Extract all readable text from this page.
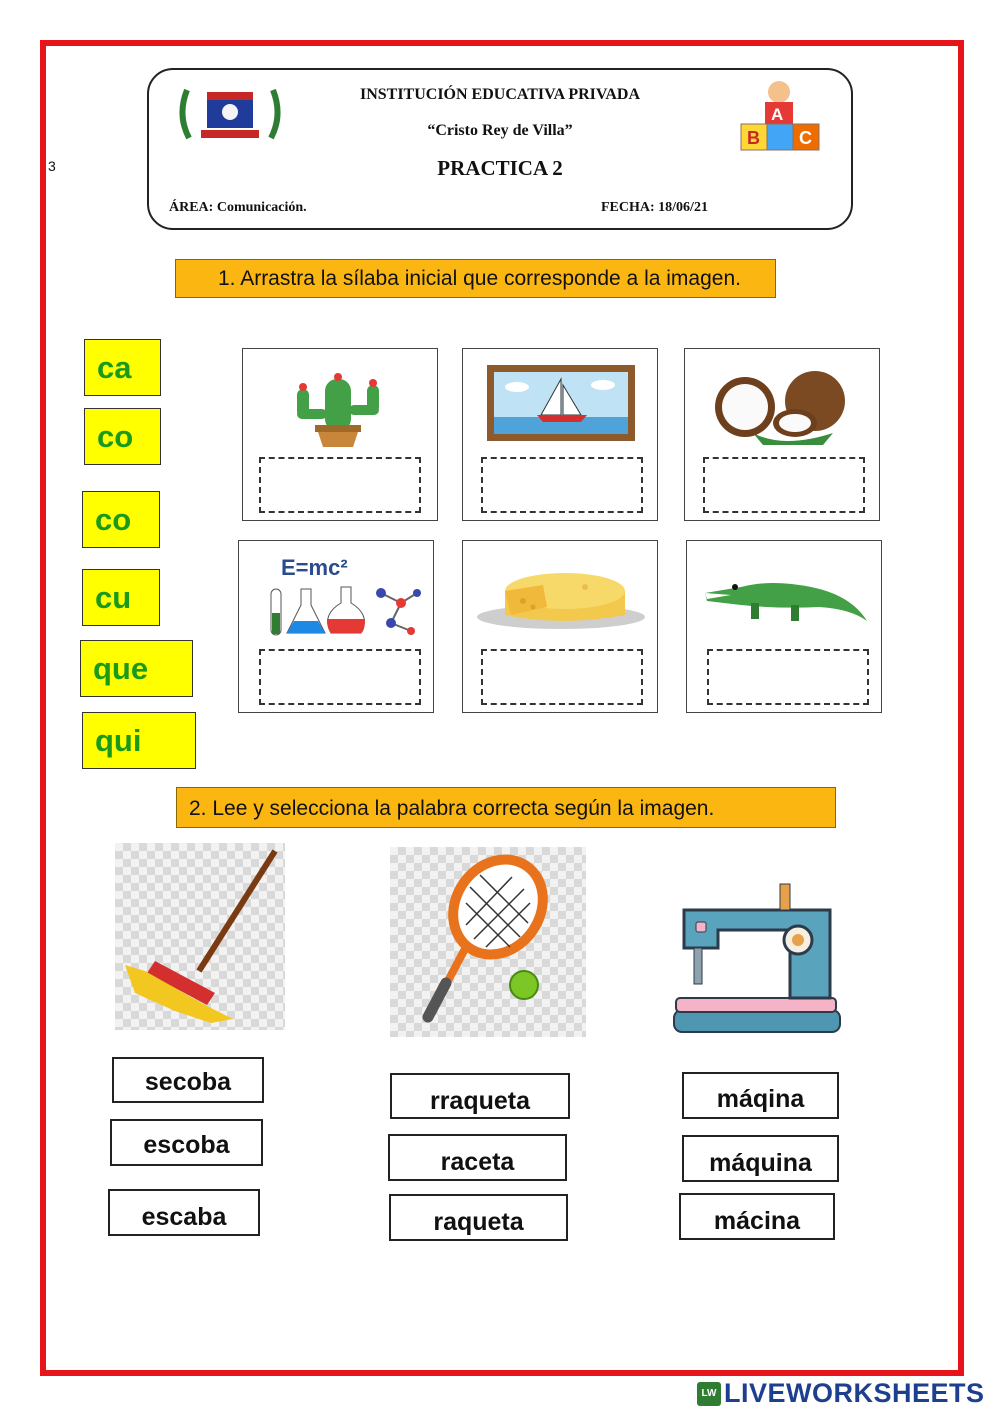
3
INSTITUCIÓN EDUCATIVA PRIVADA
“Cristo Rey de Villa”
PRACTICA 2
ÁREA: Comunicación.	FECHA: 18/06/21
A
B C
1. Arrastra la sílaba inicial que corresponde a la imagen.
ca
co
co
cu
que
qui
E=mc²
2. Lee y selecciona la palabra correcta según la imagen.
secoba
escoba
escaba
rraqueta
raceta
raqueta
máqina
máquina
mácina
LW LIVEWORKSHEETS
